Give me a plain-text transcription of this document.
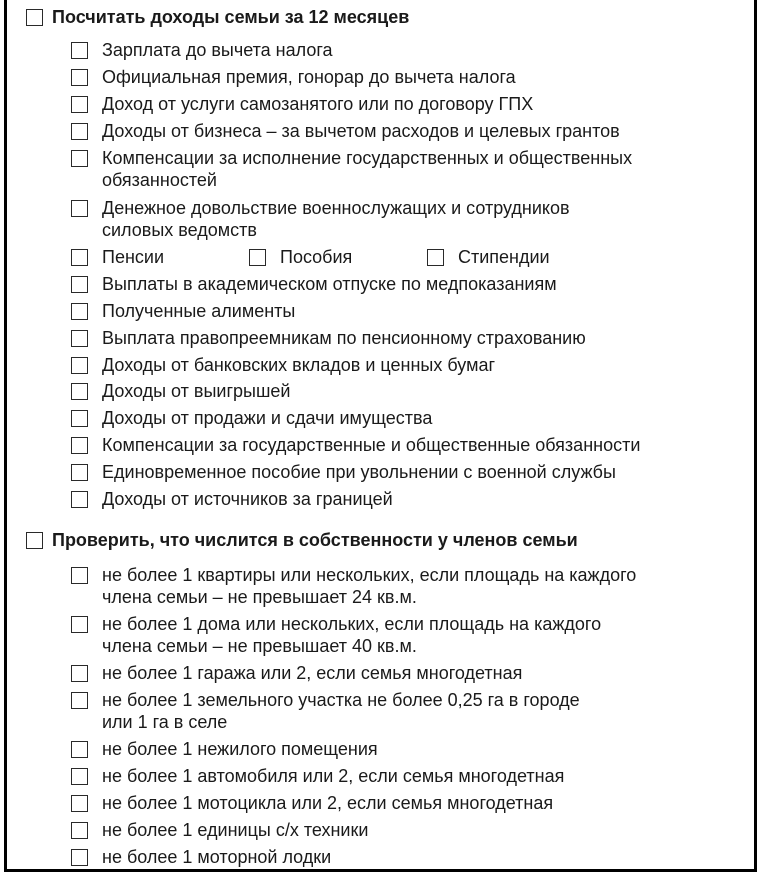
Посчитать доходы семьи за 12 месяцев
Зарплата до вычета налога
Официальная премия, гонорар до вычета налога
Доход от услуги самозанятого или по договору ГПХ
Доходы от бизнеса – за вычетом расходов и целевых грантов
Компенсации за исполнение государственных и общественных
обязанностей
Денежное довольствие военнослужащих и сотрудников
силовых ведомств
Пенсии	Пособия	Стипендии
Выплаты в академическом отпуске по медпоказаниям
Полученные алименты
Выплата правопреемникам по пенсионному страхованию
Доходы от банковских вкладов и ценных бумаг
Доходы от выигрышей
Доходы от продажи и сдачи имущества
Компенсации за государственные и общественные обязанности
Единовременное пособие при увольнении с военной службы
Доходы от источников за границей
Проверить, что числится в собственности у членов семьи
не более 1 квартиры или нескольких, если площадь на каждого
члена семьи – не превышает 24 кв.м.
не более 1 дома или нескольких, если площадь на каждого
члена семьи – не превышает 40 кв.м.
не более 1 гаража или 2, если семья многодетная
не более 1 земельного участка не более 0,25 га в городе
или 1 га в селе
не более 1 нежилого помещения
не более 1 автомобиля или 2, если семья многодетная
не более 1 мотоцикла или 2, если семья многодетная
не более 1 единицы с/х техники
не более 1 моторной лодки
